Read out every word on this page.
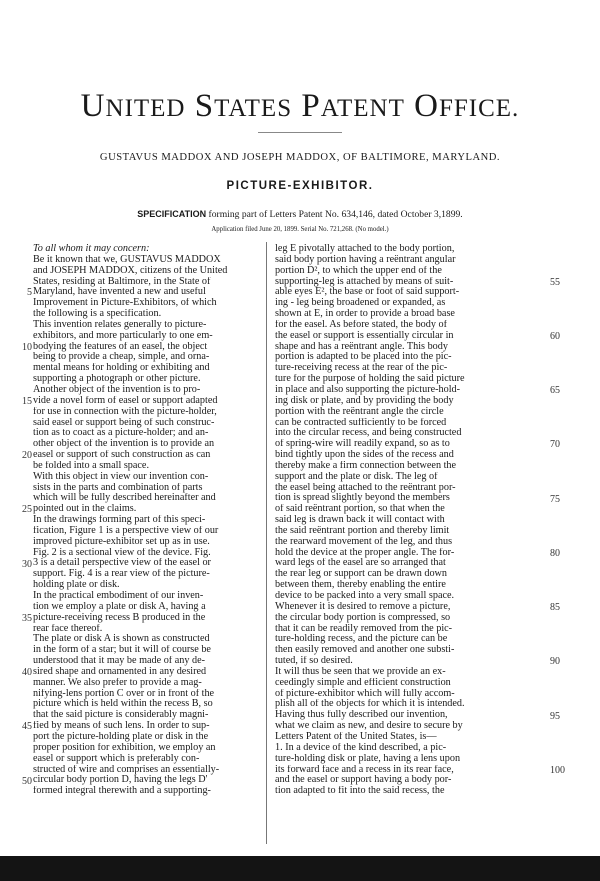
UNITED STATES PATENT OFFICE.
GUSTAVUS MADDOX AND JOSEPH MADDOX, OF BALTIMORE, MARYLAND.
PICTURE-EXHIBITOR.
SPECIFICATION forming part of Letters Patent No. 634,146, dated October 3,1899.
Application filed June 20, 1899. Serial No. 721,268. (No model.)
5
10
15
20
25
30
35
40
45
50
To all whom it may concern:
Be it known that we, GUSTAVUS MADDOX
and JOSEPH MADDOX, citizens of the United
States, residing at Baltimore, in the State of
Maryland, have invented a new and useful
Improvement in Picture-Exhibitors, of which
the following is a specification.
This invention relates generally to picture-
exhibitors, and more particularly to one em-
bodying the features of an easel, the object
being to provide a cheap, simple, and orna-
mental means for holding or exhibiting and
supporting a photograph or other picture.
Another object of the invention is to pro-
vide a novel form of easel or support adapted
for use in connection with the picture-holder,
said easel or support being of such construc-
tion as to coact as a picture-holder; and an-
other object of the invention is to provide an
easel or support of such construction as can
be folded into a small space.
With this object in view our invention con-
sists in the parts and combination of parts
which will be fully described hereinafter and
pointed out in the claims.
In the drawings forming part of this speci-
fication, Figure 1 is a perspective view of our
improved picture-exhibitor set up as in use.
Fig. 2 is a sectional view of the device. Fig.
3 is a detail perspective view of the easel or
support. Fig. 4 is a rear view of the picture-
holding plate or disk.
In the practical embodiment of our inven-
tion we employ a plate or disk A, having a
picture-receiving recess B produced in the
rear face thereof.
The plate or disk A is shown as constructed
in the form of a star; but it will of course be
understood that it may be made of any de-
sired shape and ornamented in any desired
manner. We also prefer to provide a mag-
nifying-lens portion C over or in front of the
picture which is held within the recess B, so
that the said picture is considerably magni-
fied by means of such lens. In order to sup-
port the picture-holding plate or disk in the
proper position for exhibition, we employ an
easel or support which is preferably con-
structed of wire and comprises an essentially-
circular body portion D, having the legs D'
formed integral therewith and a supporting-
leg E pivotally attached to the body portion,
said body portion having a reëntrant angular
portion D², to which the upper end of the
supporting-leg is attached by means of suit-
able eyes E², the base or foot of said support-
ing - leg being broadened or expanded, as
shown at E, in order to provide a broad base
for the easel. As before stated, the body of
the easel or support is essentially circular in
shape and has a reëntrant angle. This body
portion is adapted to be placed into the pic-
ture-receiving recess at the rear of the pic-
ture for the purpose of holding the said picture
in place and also supporting the picture-hold-
ing disk or plate, and by providing the body
portion with the reëntrant angle the circle
can be contracted sufficiently to be forced
into the circular recess, and being constructed
of spring-wire will readily expand, so as to
bind tightly upon the sides of the recess and
thereby make a firm connection between the
support and the plate or disk. The leg of
the easel being attached to the reëntrant por-
tion is spread slightly beyond the members
of said reëntrant portion, so that when the
said leg is drawn back it will contact with
the said reëntrant portion and thereby limit
the rearward movement of the leg, and thus
hold the device at the proper angle. The for-
ward legs of the easel are so arranged that
the rear leg or support can be drawn down
between them, thereby enabling the entire
device to be packed into a very small space.
Whenever it is desired to remove a picture,
the circular body portion is compressed, so
that it can be readily removed from the pic-
ture-holding recess, and the picture can be
then easily removed and another one substi-
tuted, if so desired.
It will thus be seen that we provide an ex-
ceedingly simple and efficient construction
of picture-exhibitor which will fully accom-
plish all of the objects for which it is intended.
Having thus fully described our invention,
what we claim as new, and desire to secure by
Letters Patent of the United States, is—
1. In a device of the kind described, a pic-
ture-holding disk or plate, having a lens upon
its forward face and a recess in its rear face,
and the easel or support having a body por-
tion adapted to fit into the said recess, the
55
60
65
70
75
80
85
90
95
100
